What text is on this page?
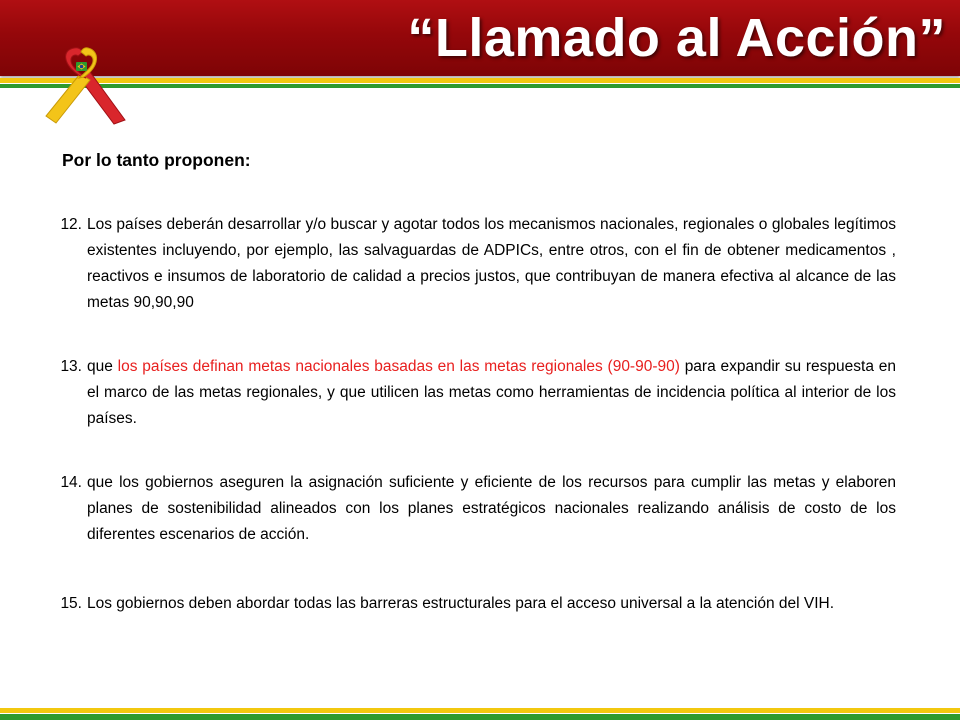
“Llamado al Acción”

Por lo tanto proponen:

12. Los países deberán desarrollar y/o buscar y agotar todos los mecanismos nacionales, regionales o globales legítimos existentes incluyendo, por ejemplo, las salvaguardas de ADPICs, entre otros, con el fin de obtener medicamentos , reactivos e insumos de laboratorio de calidad a precios justos, que contribuyan de manera efectiva al alcance de las metas 90,90,90
13. que los países definan metas nacionales basadas en las metas regionales (90-90-90) para expandir su respuesta en el marco de las metas regionales, y que utilicen las metas como herramientas de incidencia política al interior de los países.
14. que los gobiernos aseguren la asignación suficiente y eficiente de los recursos para cumplir las metas y elaboren planes de sostenibilidad alineados con los planes estratégicos nacionales realizando análisis de costo de los diferentes escenarios de acción.
15. Los gobiernos deben abordar todas las barreras estructurales para el acceso universal a la atención del VIH.
